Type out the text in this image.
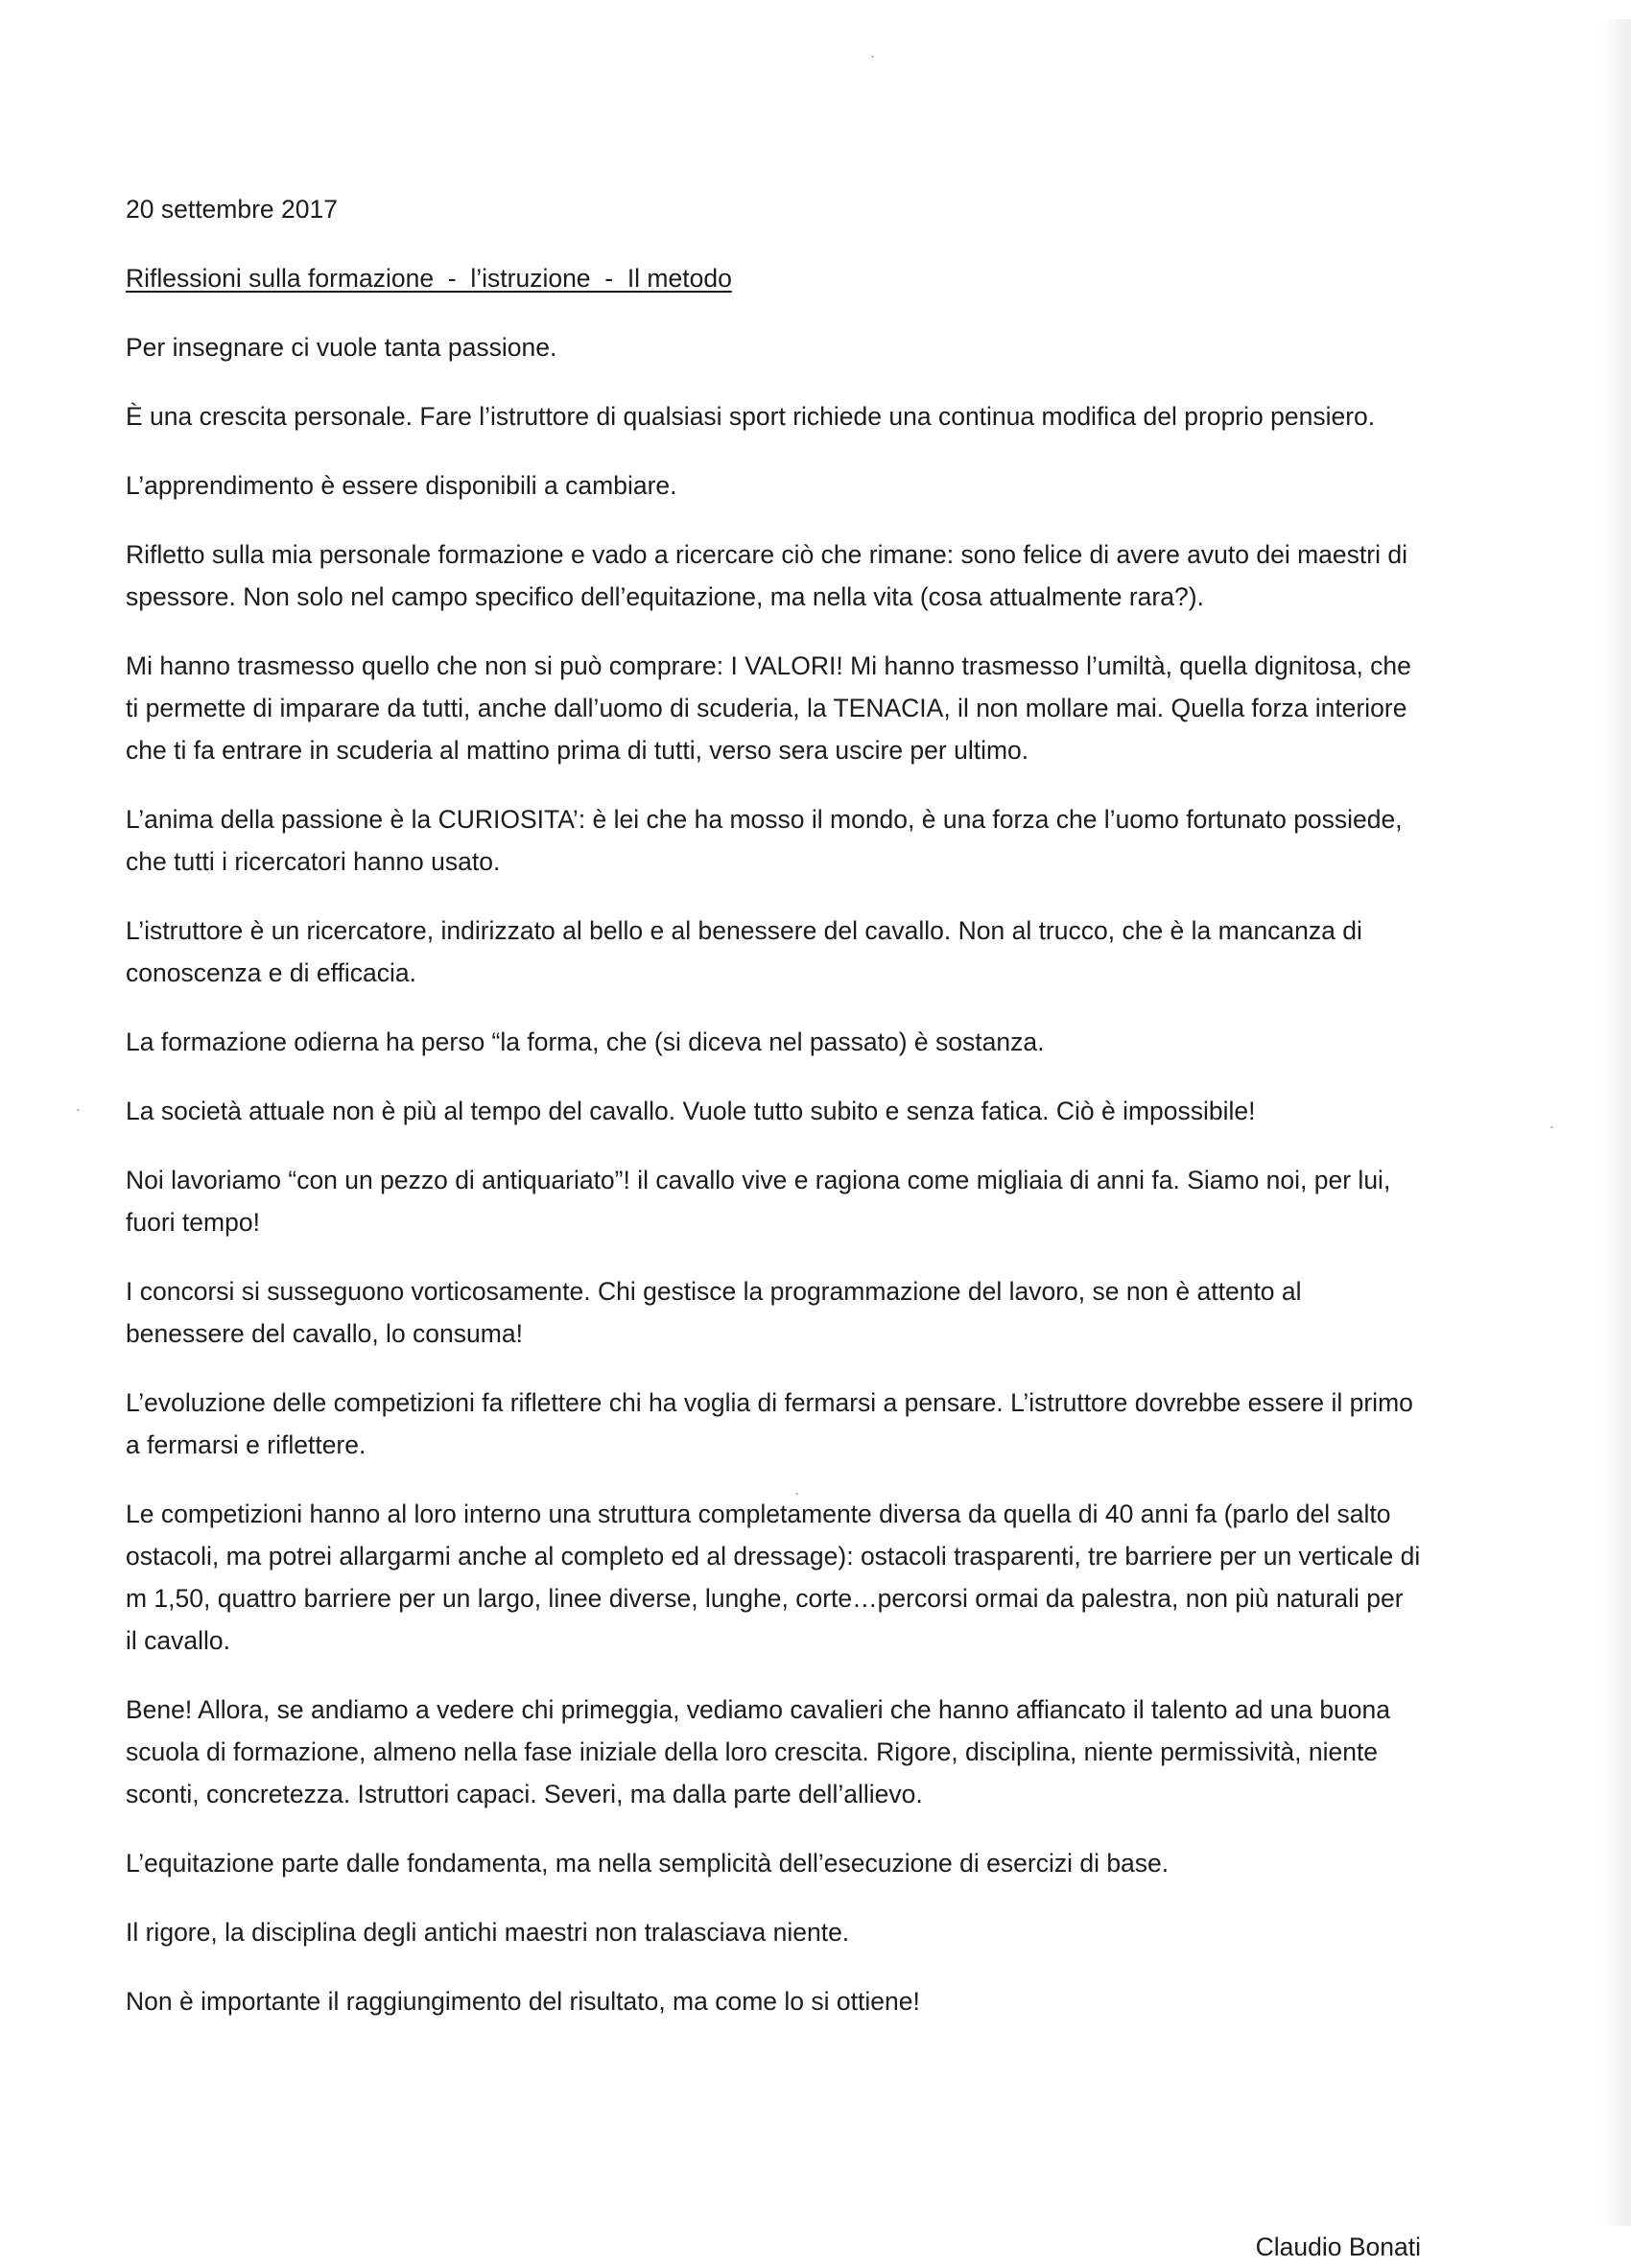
20 settembre 2017

Riflessioni sulla formazione  -  l’istruzione  -  Il metodo

Per insegnare ci vuole tanta passione.

È una crescita personale. Fare l’istruttore di qualsiasi sport richiede una continua modifica del proprio pensiero.

L’apprendimento è essere disponibili a cambiare.

Rifletto sulla mia personale formazione e vado a ricercare ciò che rimane: sono felice di avere avuto dei maestri di spessore. Non solo nel campo specifico dell’equitazione, ma nella vita (cosa attualmente rara?).

Mi hanno trasmesso quello che non si può comprare: I VALORI! Mi hanno trasmesso l’umiltà, quella dignitosa, che ti permette di imparare da tutti, anche dall’uomo di scuderia, la TENACIA, il non mollare mai. Quella forza interiore che ti fa entrare in scuderia al mattino prima di tutti, verso sera uscire per ultimo.

L’anima della passione è la CURIOSITA’: è lei che ha mosso il mondo, è una forza che l’uomo fortunato possiede, che tutti i ricercatori hanno usato.

L’istruttore è un ricercatore, indirizzato al bello e al benessere del cavallo. Non al trucco, che è la mancanza di conoscenza e di efficacia.

La formazione odierna ha perso “la forma, che (si diceva nel passato) è sostanza.

La società attuale non è più al tempo del cavallo. Vuole tutto subito e senza fatica. Ciò è impossibile!

Noi lavoriamo “con un pezzo di antiquariato”! il cavallo vive e ragiona come migliaia di anni fa. Siamo noi, per lui, fuori tempo!

I concorsi si susseguono vorticosamente. Chi gestisce la programmazione del lavoro, se non è attento al benessere del cavallo, lo consuma!

L’evoluzione delle competizioni fa riflettere chi ha voglia di fermarsi a pensare. L’istruttore dovrebbe essere il primo a fermarsi e riflettere.

Le competizioni hanno al loro interno una struttura completamente diversa da quella di 40 anni fa (parlo del salto ostacoli, ma potrei allargarmi anche al completo ed al dressage): ostacoli trasparenti, tre barriere per un verticale di m 1,50, quattro barriere per un largo, linee diverse, lunghe, corte…percorsi ormai da palestra, non più naturali per il cavallo.

Bene! Allora, se andiamo a vedere chi primeggia, vediamo cavalieri che hanno affiancato il talento ad una buona scuola di formazione, almeno nella fase iniziale della loro crescita. Rigore, disciplina, niente permissività, niente sconti, concretezza. Istruttori capaci. Severi, ma dalla parte dell’allievo.

L’equitazione parte dalle fondamenta, ma nella semplicità dell’esecuzione di esercizi di base.

Il rigore, la disciplina degli antichi maestri non tralasciava niente.

Non è importante il raggiungimento del risultato, ma come lo si ottiene!

Claudio Bonati
